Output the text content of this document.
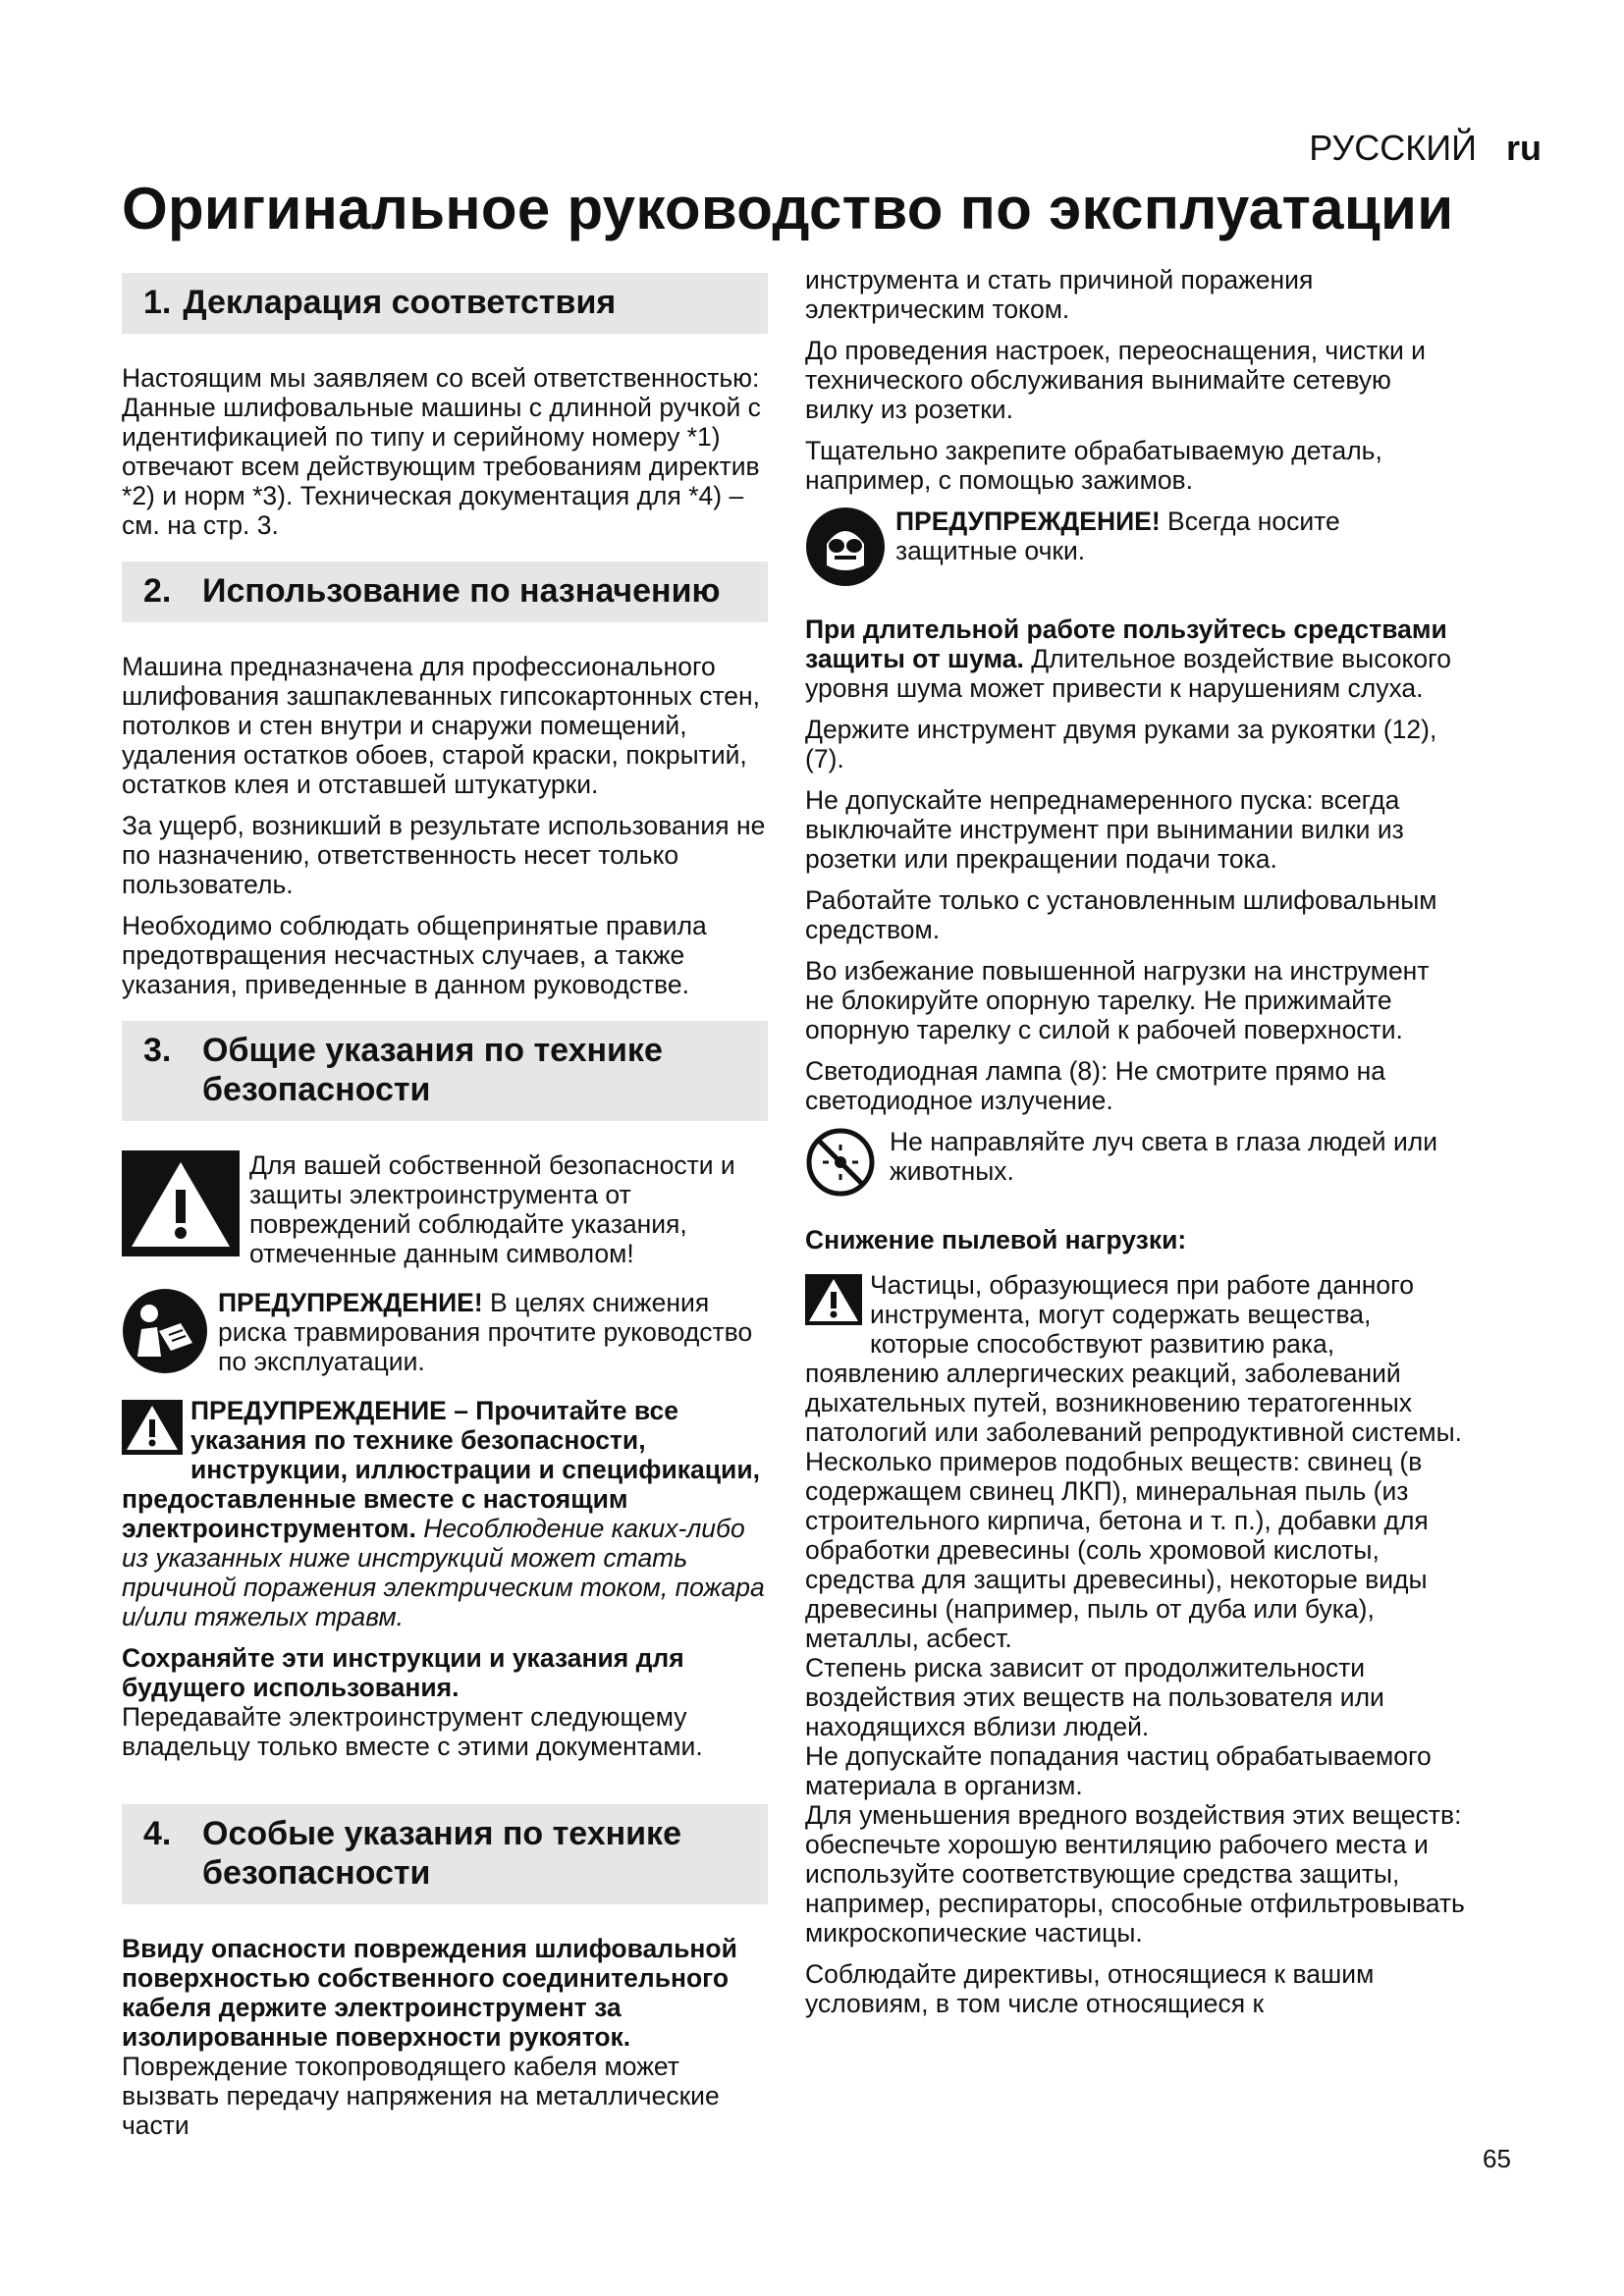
РУССКИЙ ru
Оригинальное руководство по эксплуатации
1. Декларация соответствия

Настоящим мы заявляем со всей ответственностью: Данные шлифовальные машины с длинной ручкой с идентификацией по типу и серийному номеру *1) отвечают всем действующим требованиям директив *2) и норм *3). Техническая документация для *4) – см. на стр. 3.

2. Использование по назначению

Машина предназначена для профессионального шлифования зашпаклеванных гипсокартонных стен, потолков и стен внутри и снаружи помещений, удаления остатков обоев, старой краски, покрытий, остатков клея и отставшей штукатурки.

За ущерб, возникший в результате использования не по назначению, ответственность несет только пользователь.

Необходимо соблюдать общепринятые правила предотвращения несчастных случаев, а также указания, приведенные в данном руководстве.

3. Общие указания по технике безопасности

Для вашей собственной безопасности и защиты электроинструмента от повреждений соблюдайте указания, отмеченные данным символом!

ПРЕДУПРЕЖДЕНИЕ! В целях снижения риска травмирования прочтите руководство по эксплуатации.

ПРЕДУПРЕЖДЕНИЕ – Прочитайте все указания по технике безопасности, инструкции, иллюстрации и спецификации, предоставленные вместе с настоящим электроинструментом. Несоблюдение каких-либо из указанных ниже инструкций может стать причиной поражения электрическим током, пожара и/или тяжелых травм.

Сохраняйте эти инструкции и указания для будущего использования.

Передавайте электроинструмент следующему владельцу только вместе с этими документами.

4. Особые указания по технике безопасности

Ввиду опасности повреждения шлифовальной поверхностью собственного соединительного кабеля держите электроинструмент за изолированные поверхности рукояток. Повреждение токопроводящего кабеля может вызвать передачу напряжения на металлические части

инструмента и стать причиной поражения электрическим током.

До проведения настроек, переоснащения, чистки и технического обслуживания вынимайте сетевую вилку из розетки.

Тщательно закрепите обрабатываемую деталь, например, с помощью зажимов.

ПРЕДУПРЕЖДЕНИЕ! Всегда носите защитные очки.

При длительной работе пользуйтесь средствами защиты от шума. Длительное воздействие высокого уровня шума может привести к нарушениям слуха.

Держите инструмент двумя руками за рукоятки (12), (7).

Не допускайте непреднамеренного пуска: всегда выключайте инструмент при вынимании вилки из розетки или прекращении подачи тока.

Работайте только с установленным шлифовальным средством.

Во избежание повышенной нагрузки на инструмент не блокируйте опорную тарелку. Не прижимайте опорную тарелку с силой к рабочей поверхности.

Светодиодная лампа (8): Не смотрите прямо на светодиодное излучение.

Не направляйте луч света в глаза людей или животных.

Снижение пылевой нагрузки:

Частицы, образующиеся при работе данного инструмента, могут содержать вещества, которые способствуют развитию рака, появлению аллергических реакций, заболеваний дыхательных путей, возникновению тератогенных патологий или заболеваний репродуктивной системы. Несколько примеров подобных веществ: свинец (в содержащем свинец ЛКП), минеральная пыль (из строительного кирпича, бетона и т. п.), добавки для обработки древесины (соль хромовой кислоты, средства для защиты древесины), некоторые виды древесины (например, пыль от дуба или бука), металлы, асбест.

Степень риска зависит от продолжительности воздействия этих веществ на пользователя или находящихся вблизи людей.

Не допускайте попадания частиц обрабатываемого материала в организм.

Для уменьшения вредного воздействия этих веществ: обеспечьте хорошую вентиляцию рабочего места и используйте соответствующие средства защиты, например, респираторы, способные отфильтровывать микроскопические частицы.

Соблюдайте директивы, относящиеся к вашим условиям, в том числе относящиеся к

65
